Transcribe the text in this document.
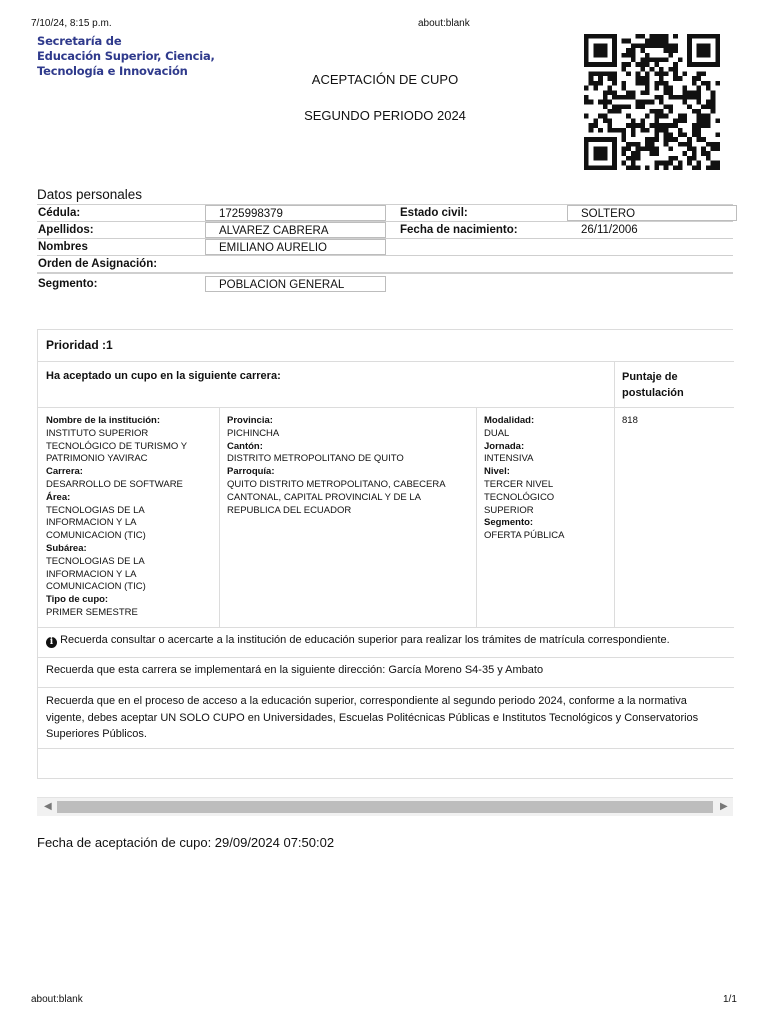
7/10/24, 8:15 p.m.	about:blank
Secretaría de
Educación Superior, Ciencia,
Tecnología e Innovación
ACEPTACIÓN DE CUPO
SEGUNDO PERIODO 2024
Datos personales
Cédula:	1725998379	Estado civil:	SOLTERO
Apellidos:	ALVAREZ CABRERA	Fecha de nacimiento:	26/11/2006
Nombres	EMILIANO AURELIO
Orden de Asignación:
Segmento:	POBLACION GENERAL
Prioridad :1
Ha aceptado un cupo en la siguiente carrera:	Puntaje de
postulación
Nombre de la institución:
INSTITUTO SUPERIOR
TECNOLÓGICO DE TURISMO Y
PATRIMONIO YAVIRAC
Carrera:
DESARROLLO DE SOFTWARE
Área:
TECNOLOGIAS DE LA
INFORMACION Y LA
COMUNICACION (TIC)
Subárea:
TECNOLOGIAS DE LA
INFORMACION Y LA
COMUNICACION (TIC)
Tipo de cupo:
PRIMER SEMESTRE
Provincia:
PICHINCHA
Cantón:
DISTRITO METROPOLITANO DE QUITO
Parroquía:
QUITO DISTRITO METROPOLITANO, CABECERA
CANTONAL, CAPITAL PROVINCIAL Y DE LA
REPUBLICA DEL ECUADOR
Modalidad:
DUAL
Jornada:
INTENSIVA
Nivel:
TERCER NIVEL
TECNOLÓGICO
SUPERIOR
Segmento:
OFERTA PÚBLICA
818
i Recuerda consultar o acercarte a la institución de educación superior para realizar los trámites de matrícula correspondiente.
Recuerda que esta carrera se implementará en la siguiente dirección: García Moreno S4-35 y Ambato
Recuerda que en el proceso de acceso a la educación superior, correspondiente al segundo periodo 2024, conforme a la normativa
vigente, debes aceptar UN SOLO CUPO en Universidades, Escuelas Politécnicas Públicas e Institutos Tecnológicos y Conservatorios
Superiores Públicos.
◀	▶
Fecha de aceptación de cupo: 29/09/2024 07:50:02
about:blank	1/1
